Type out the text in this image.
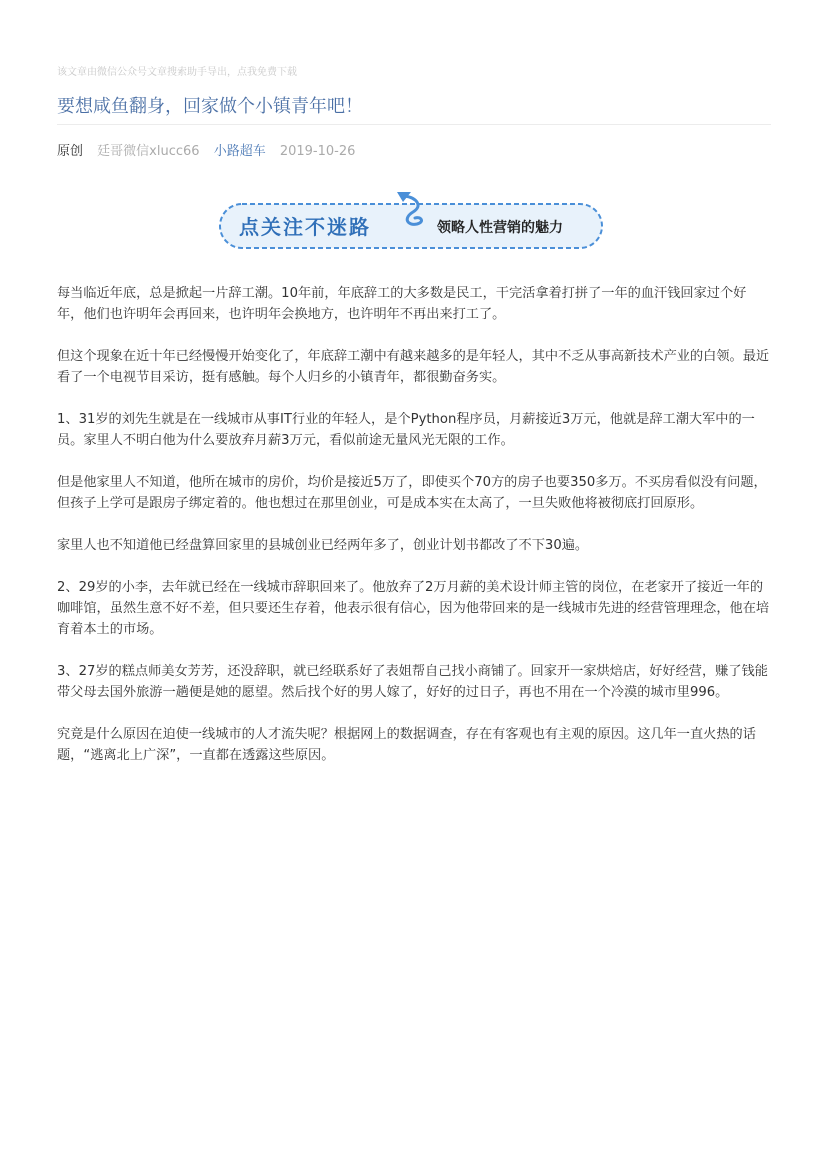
该文章由微信公众号文章搜索助手导出，点我免费下载
要想咸鱼翻身，回家做个小镇青年吧！
原创 廷哥微信xlucc66 小路超车 2019-10-26
点关注不迷路	领略人性营销的魅力

每当临近年底，总是掀起一片辞工潮。10年前，年底辞工的大多数是民工，干完活拿着打拼了一年的血汗钱回家过个好年，他们也许明年会再回来，也许明年会换地方，也许明年不再出来打工了。

但这个现象在近十年已经慢慢开始变化了，年底辞工潮中有越来越多的是年轻人，其中不乏从事高新技术产业的白领。最近看了一个电视节目采访，挺有感触。每个人归乡的小镇青年，都很勤奋务实。

1、31岁的刘先生就是在一线城市从事IT行业的年轻人，是个Python程序员，月薪接近3万元，他就是辞工潮大军中的一员。家里人不明白他为什么要放弃月薪3万元，看似前途无量风光无限的工作。

但是他家里人不知道，他所在城市的房价，均价是接近5万了，即使买个70方的房子也要350多万。不买房看似没有问题，但孩子上学可是跟房子绑定着的。他也想过在那里创业，可是成本实在太高了，一旦失败他将被彻底打回原形。

家里人也不知道他已经盘算回家里的县城创业已经两年多了，创业计划书都改了不下30遍。

2、29岁的小李，去年就已经在一线城市辞职回来了。他放弃了2万月薪的美术设计师主管的岗位，在老家开了接近一年的咖啡馆，虽然生意不好不差，但只要还生存着，他表示很有信心，因为他带回来的是一线城市先进的经营管理理念，他在培育着本土的市场。

3、27岁的糕点师美女芳芳，还没辞职，就已经联系好了表姐帮自己找小商铺了。回家开一家烘焙店，好好经营，赚了钱能带父母去国外旅游一趟便是她的愿望。然后找个好的男人嫁了，好好的过日子，再也不用在一个冷漠的城市里996。

究竟是什么原因在迫使一线城市的人才流失呢？根据网上的数据调查，存在有客观也有主观的原因。这几年一直火热的话题，“逃离北上广深”，一直都在透露这些原因。
